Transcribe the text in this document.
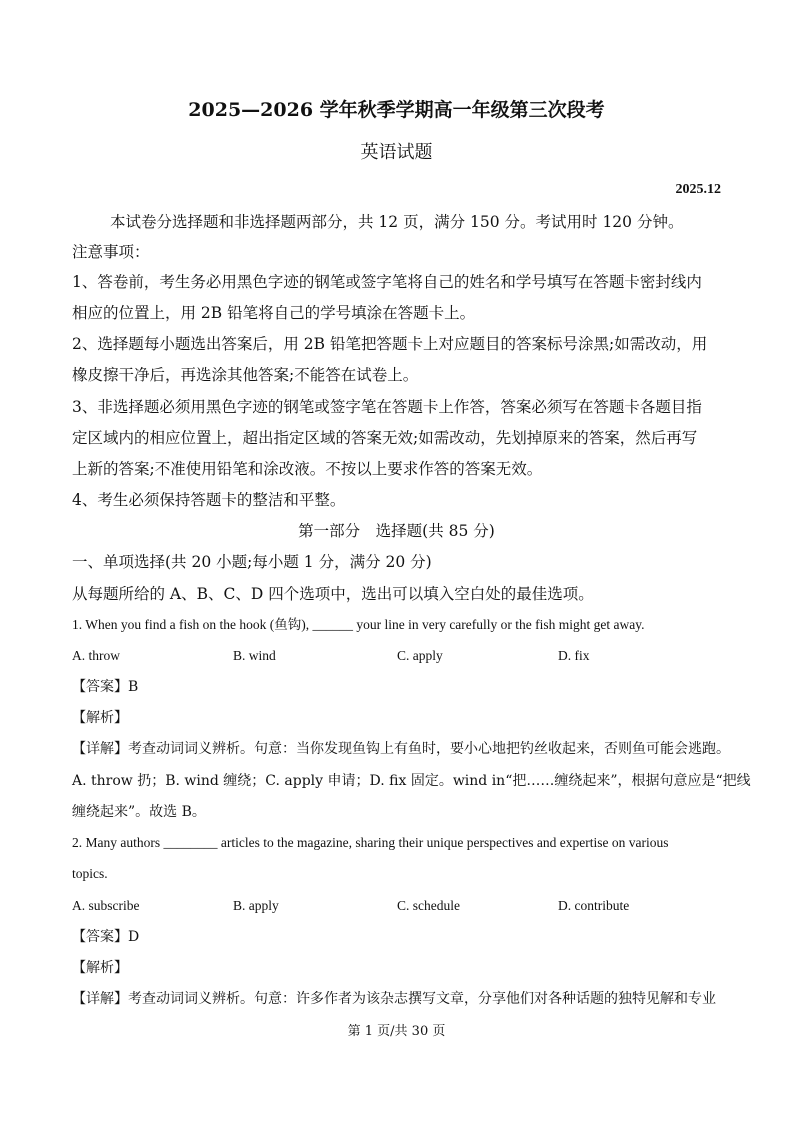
2025—2026 学年秋季学期高一年级第三次段考
英语试题
2025.12
本试卷分选择题和非选择题两部分，共 12 页，满分 150 分。考试用时 120 分钟。
注意事项：
1、答卷前，考生务必用黑色字迹的钢笔或签字笔将自己的姓名和学号填写在答题卡密封线内
相应的位置上，用 2B 铅笔将自己的学号填涂在答题卡上。
2、选择题每小题选出答案后，用 2B 铅笔把答题卡上对应题目的答案标号涂黑;如需改动，用
橡皮擦干净后，再选涂其他答案;不能答在试卷上。
3、非选择题必须用黑色字迹的钢笔或签字笔在答题卡上作答，答案必须写在答题卡各题目指
定区域内的相应位置上，超出指定区域的答案无效;如需改动，先划掉原来的答案，然后再写
上新的答案;不准使用铅笔和涂改液。不按以上要求作答的答案无效。
4、考生必须保持答题卡的整洁和平整。
第一部分　选择题(共 85 分)
一、单项选择(共 20 小题;每小题 1 分，满分 20 分)
从每题所给的 A、B、C、D 四个选项中，选出可以填入空白处的最佳选项。
1. When you find a fish on the hook (鱼钩), ______ your line in very carefully or the fish might get away.
A. throw	B. wind	C. apply	D. fix
【答案】B
【解析】
【详解】考查动词词义辨析。句意：当你发现鱼钩上有鱼时，要小心地把钓丝收起来，否则鱼可能会逃跑。
A. throw 扔；B. wind 缠绕；C. apply 申请；D. fix 固定。wind in“把……缠绕起来”，根据句意应是“把线
缠绕起来”。故选 B。
2. Many authors ________ articles to the magazine, sharing their unique perspectives and expertise on various
topics.
A. subscribe	B. apply	C. schedule	D. contribute
【答案】D
【解析】
【详解】考查动词词义辨析。句意：许多作者为该杂志撰写文章，分享他们对各种话题的独特见解和专业
第 1 页/共 30 页
